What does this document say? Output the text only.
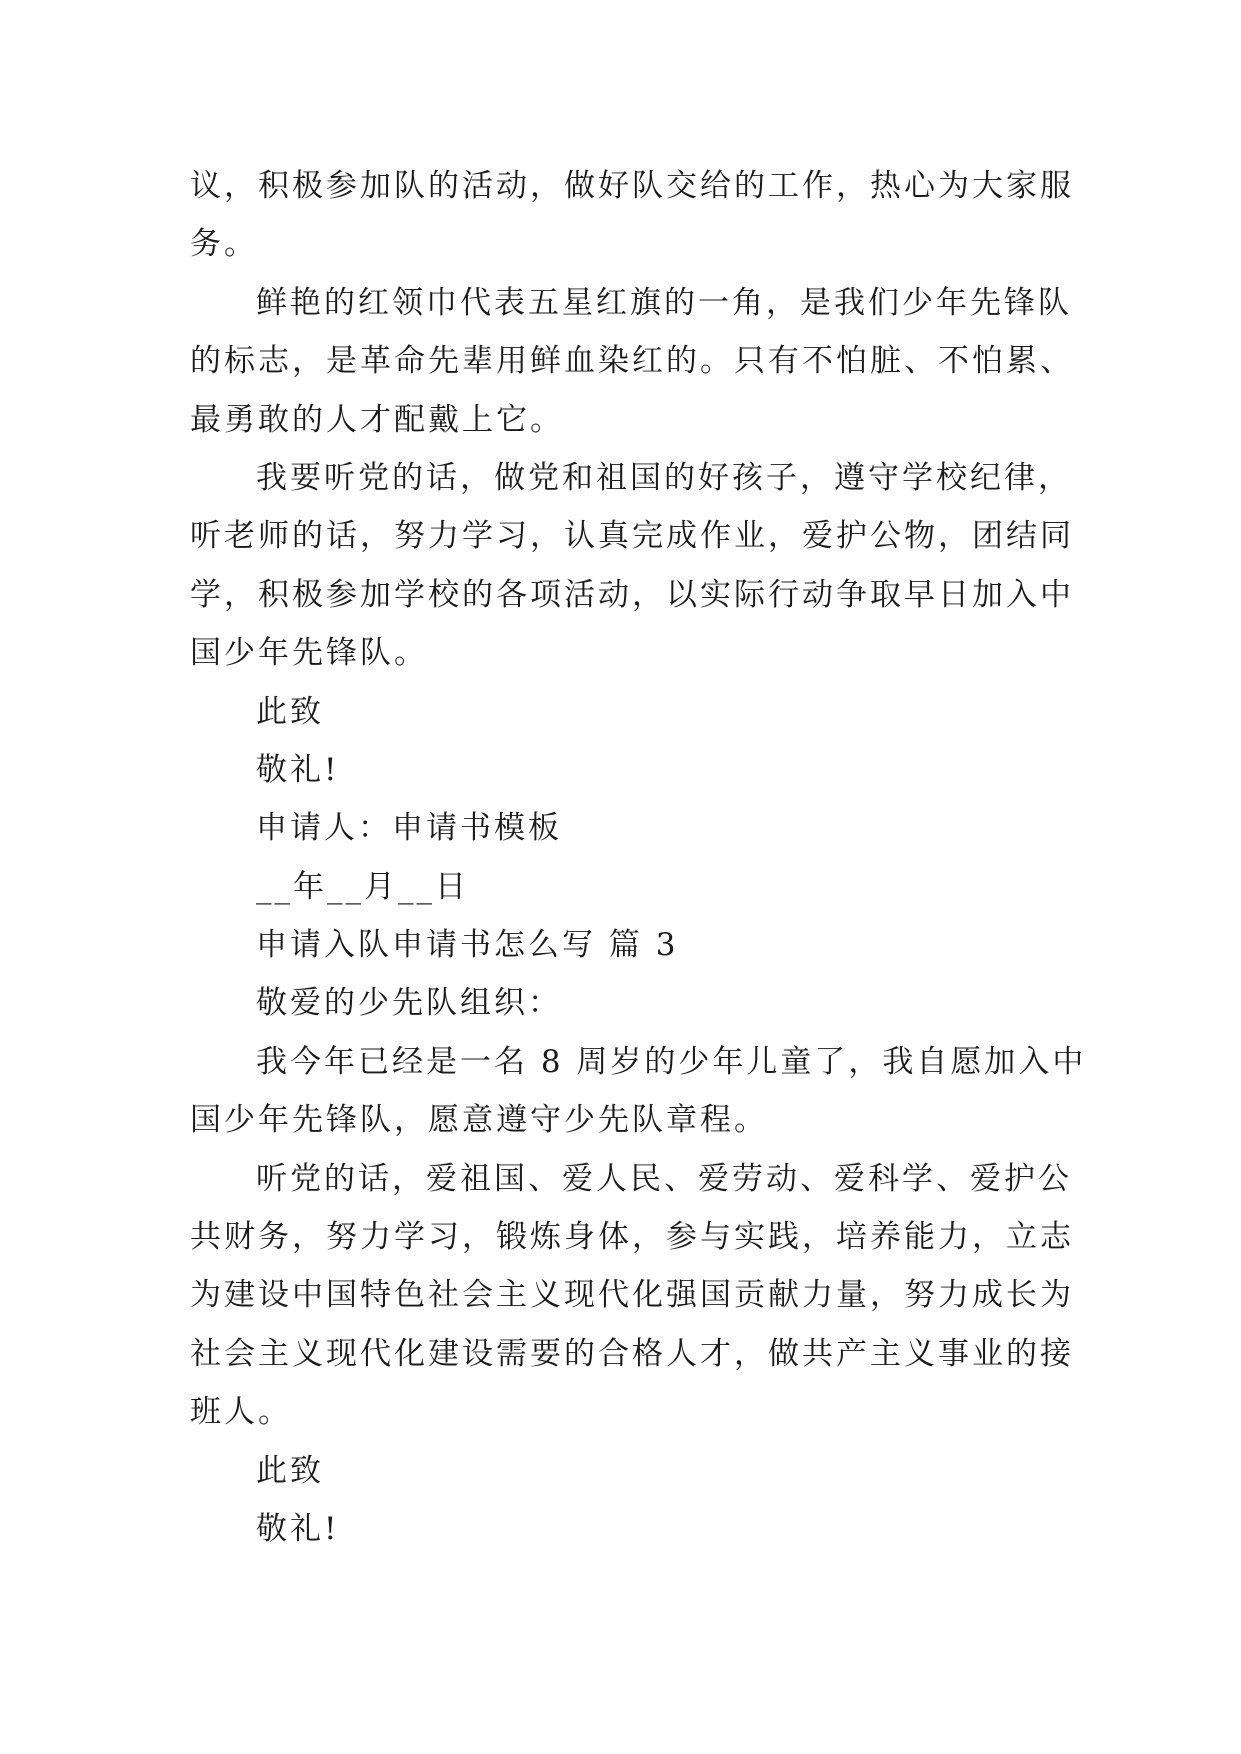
议，积极参加队的活动，做好队交给的工作，热心为大家服
务。
鲜艳的红领巾代表五星红旗的一角，是我们少年先锋队
的标志，是革命先辈用鲜血染红的。只有不怕脏、不怕累、
最勇敢的人才配戴上它。
我要听党的话，做党和祖国的好孩子，遵守学校纪律，
听老师的话，努力学习，认真完成作业，爱护公物，团结同
学，积极参加学校的各项活动，以实际行动争取早日加入中
国少年先锋队。
此致
敬礼!
申请人：申请书模板
__年__月__日
申请入队申请书怎么写 篇 3
敬爱的少先队组织：
我今年已经是一名 8 周岁的少年儿童了，我自愿加入中
国少年先锋队，愿意遵守少先队章程。
听党的话，爱祖国、爱人民、爱劳动、爱科学、爱护公
共财务，努力学习，锻炼身体，参与实践，培养能力，立志
为建设中国特色社会主义现代化强国贡献力量，努力成长为
社会主义现代化建设需要的合格人才，做共产主义事业的接
班人。
此致
敬礼!
